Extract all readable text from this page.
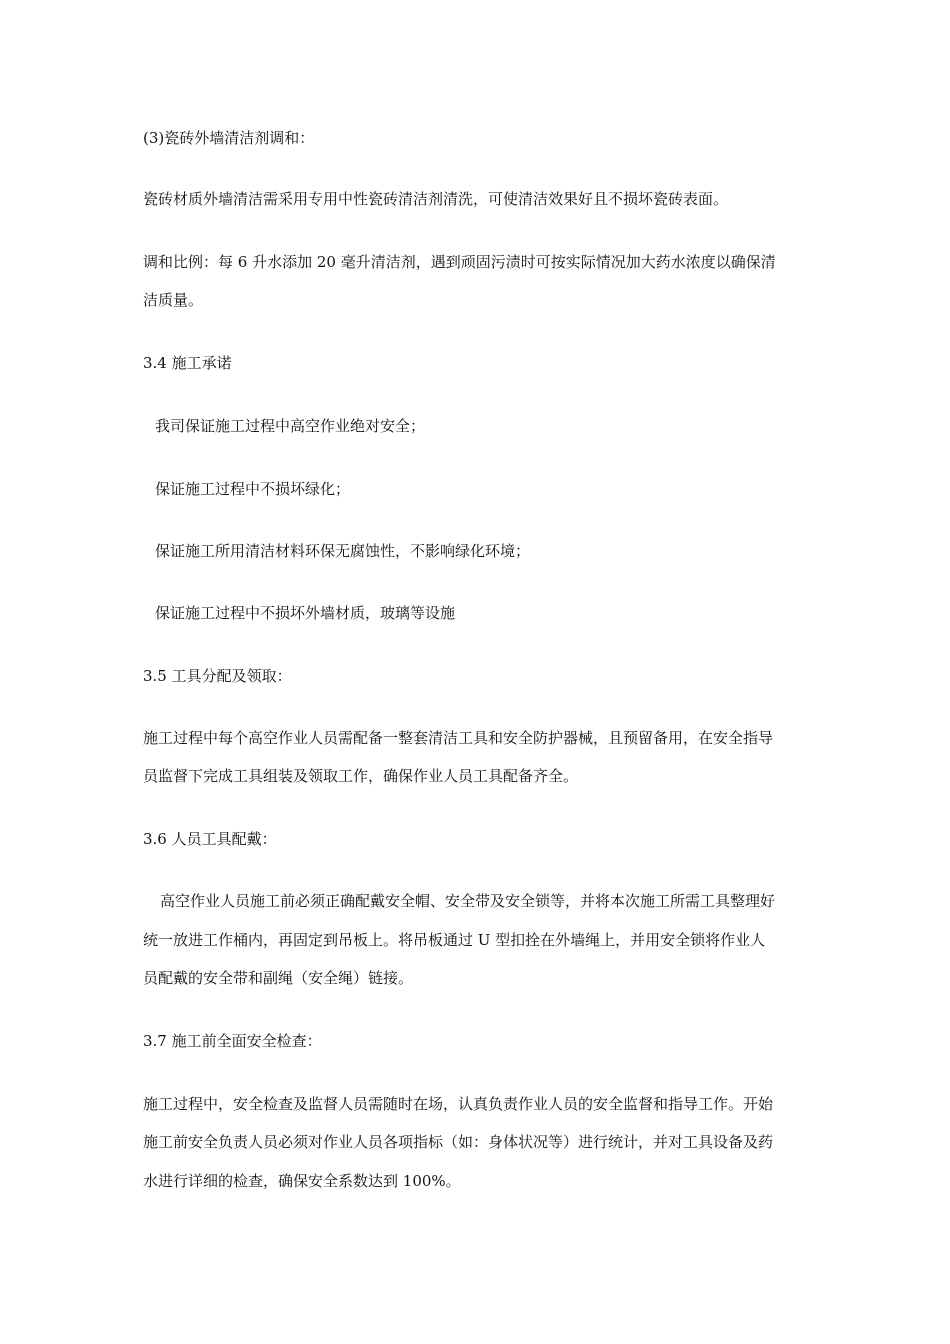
(3)瓷砖外墙清洁剂调和：

瓷砖材质外墙清洁需采用专用中性瓷砖清洁剂清洗，可使清洁效果好且不损坏瓷砖表面。

调和比例：每 6 升水添加 20 毫升清洁剂，遇到顽固污渍时可按实际情况加大药水浓度以确保清

洁质量。

3.4 施工承诺

我司保证施工过程中高空作业绝对安全；

保证施工过程中不损坏绿化；

保证施工所用清洁材料环保无腐蚀性，不影响绿化环境；

保证施工过程中不损坏外墙材质，玻璃等设施

3.5 工具分配及领取：

施工过程中每个高空作业人员需配备一整套清洁工具和安全防护器械，且预留备用，在安全指导

员监督下完成工具组装及领取工作，确保作业人员工具配备齐全。

3.6 人员工具配戴：

高空作业人员施工前必须正确配戴安全帽、安全带及安全锁等，并将本次施工所需工具整理好

统一放进工作桶内，再固定到吊板上。将吊板通过 U 型扣拴在外墙绳上，并用安全锁将作业人

员配戴的安全带和副绳（安全绳）链接。

3.7 施工前全面安全检查：

施工过程中，安全检查及监督人员需随时在场，认真负责作业人员的安全监督和指导工作。开始

施工前安全负责人员必须对作业人员各项指标（如：身体状况等）进行统计，并对工具设备及药

水进行详细的检查，确保安全系数达到 100%。
